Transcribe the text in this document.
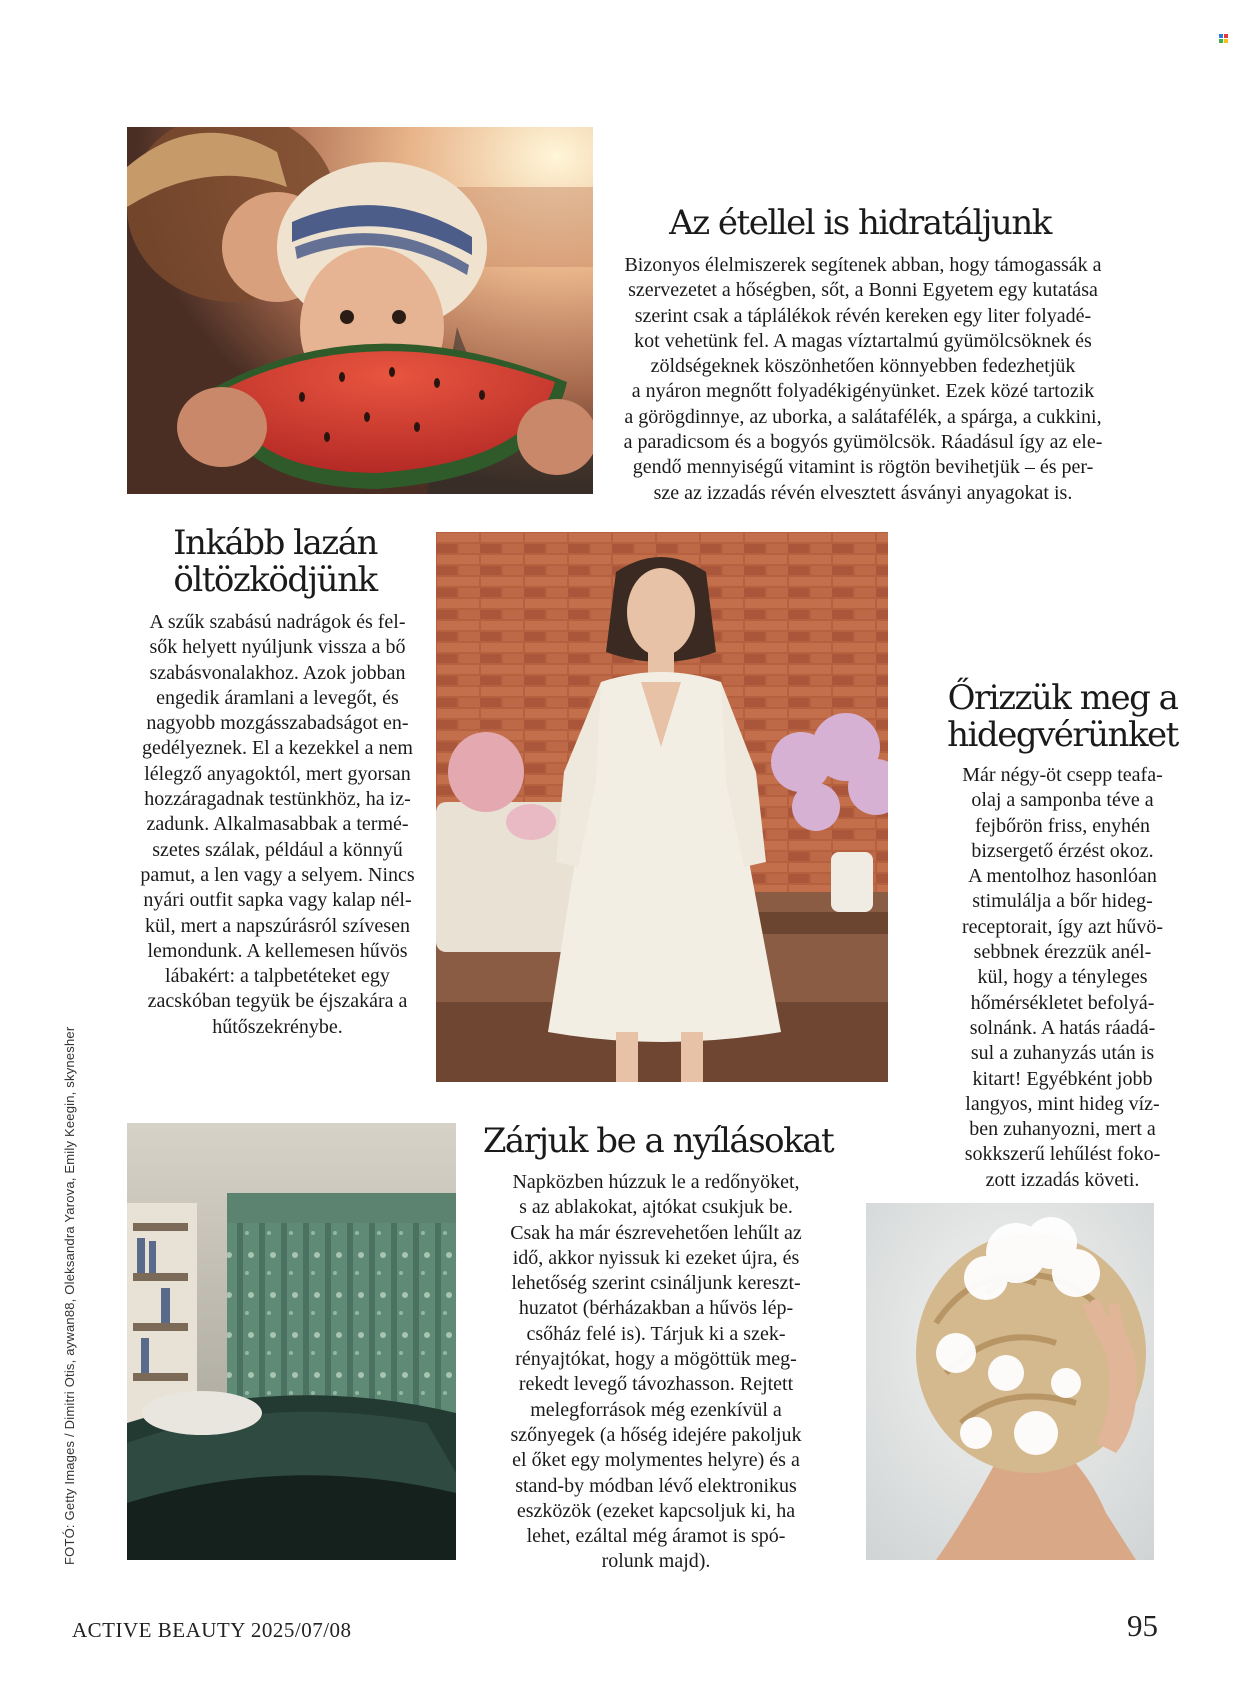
Az étellel is hidratáljunk
Bizonyos élelmiszerek segítenek abban, hogy támogassák a
szervezetet a hőségben, sőt, a Bonni Egyetem egy kutatása
szerint csak a táplálékok révén kereken egy liter folyadé-
kot vehetünk fel. A magas víztartalmú gyümölcsöknek és
zöldségeknek köszönhetően könnyebben fedezhetjük
a nyáron megnőtt folyadékigényünket. Ezek közé tartozik
a görögdinnye, az uborka, a salátafélék, a spárga, a cukkini,
a paradicsom és a bogyós gyümölcsök. Ráadásul így az ele-
gendő mennyiségű vitamint is rögtön bevihetjük – és per-
sze az izzadás révén elvesztett ásványi anyagokat is.
Inkább lazán
öltözködjünk
A szűk szabású nadrágok és fel-
sők helyett nyúljunk vissza a bő
szabásvonalakhoz. Azok jobban
engedik áramlani a levegőt, és
nagyobb mozgásszabadságot en-
gedélyeznek. El a kezekkel a nem
lélegző anyagoktól, mert gyorsan
hozzáragadnak testünkhöz, ha iz-
zadunk. Alkalmasabbak a termé-
szetes szálak, például a könnyű
pamut, a len vagy a selyem. Nincs
nyári outfit sapka vagy kalap nél-
kül, mert a napszúrásról szívesen
lemondunk. A kellemesen hűvös
lábakért: a talpbetéteket egy
zacskóban tegyük be éjszakára a
hűtőszekrénybe.
Őrizzük meg a
hidegvérünket
Már négy-öt csepp teafa-
olaj a samponba téve a
fejbőrön friss, enyhén
bizsergető érzést okoz.
A mentolhoz hasonlóan
stimulálja a bőr hideg-
receptorait, így azt hűvö-
sebbnek érezzük anél-
kül, hogy a tényleges
hőmérsékletet befolyá-
solnánk. A hatás ráadá-
sul a zuhanyzás után is
kitart! Egyébként jobb
langyos, mint hideg víz-
ben zuhanyozni, mert a
sokkszerű lehűlést foko-
zott izzadás követi.
Zárjuk be a nyílásokat
Napközben húzzuk le a redőnyöket,
s az ablakokat, ajtókat csukjuk be.
Csak ha már észrevehetően lehűlt az
idő, akkor nyissuk ki ezeket újra, és
lehetőség szerint csináljunk kereszt-
huzatot (bérházakban a hűvös lép-
csőház felé is). Tárjuk ki a szek-
rényajtókat, hogy a mögöttük meg-
rekedt levegő távozhasson. Rejtett
melegforrások még ezenkívül a
szőnyegek (a hőség idejére pakoljuk
el őket egy molymentes helyre) és a
stand-by módban lévő elektronikus
eszközök (ezeket kapcsoljuk ki, ha
lehet, ezáltal még áramot is spó-
rolunk majd).
FOTÓ: Getty Images / Dimitri Otis, aywan88, Oleksandra Yarova, Emily Keegin, skynesher
ACTIVE BEAUTY 2025/07/08	95
